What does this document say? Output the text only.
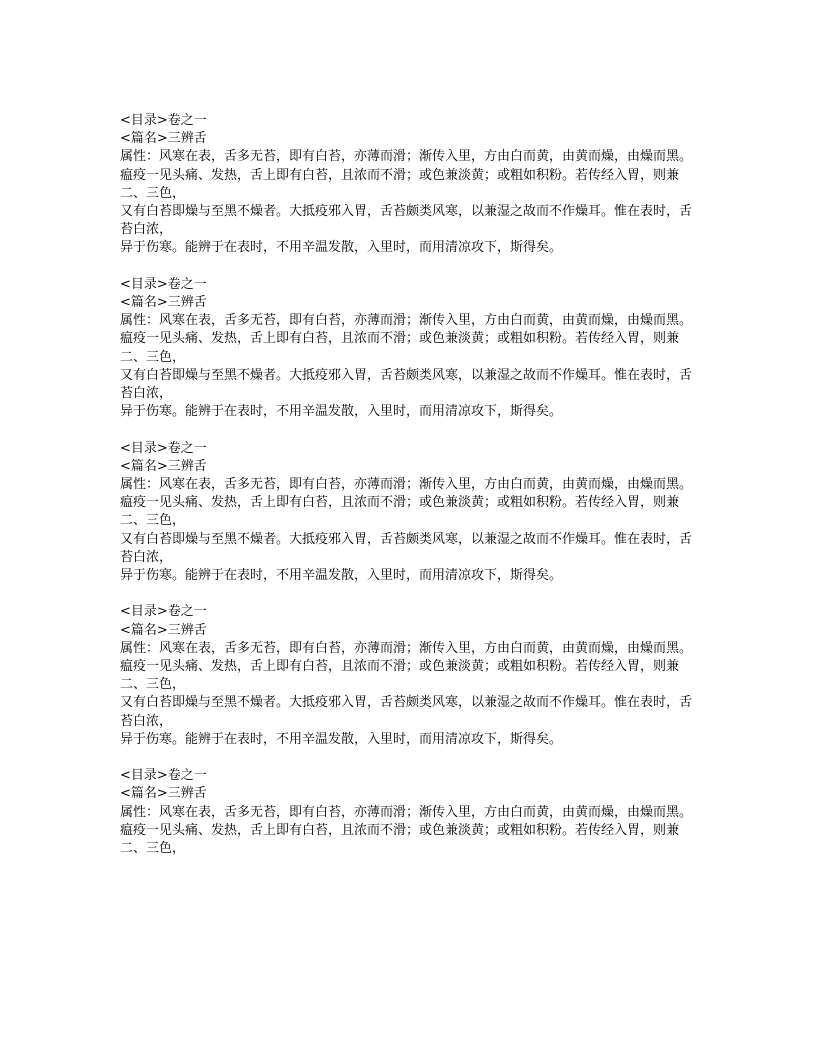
<目录>卷之一

<篇名>三辨舌

属性：风寒在表，舌多无苔，即有白苔，亦薄而滑；渐传入里，方由白而黄，由黄而燥，由燥而黑。

瘟疫一见头痛、发热，舌上即有白苔，且浓而不滑；或色兼淡黄；或粗如积粉。若传经入胃，则兼二、三色，

又有白苔即燥与至黑不燥者。大抵疫邪入胃，舌苔颇类风寒，以兼湿之故而不作燥耳。惟在表时，舌苔白浓，

异于伤寒。能辨于在表时，不用辛温发散，入里时，而用清凉攻下，斯得矣。

<目录>卷之一

<篇名>三辨舌

属性：风寒在表，舌多无苔，即有白苔，亦薄而滑；渐传入里，方由白而黄，由黄而燥，由燥而黑。

瘟疫一见头痛、发热，舌上即有白苔，且浓而不滑；或色兼淡黄；或粗如积粉。若传经入胃，则兼二、三色，

又有白苔即燥与至黑不燥者。大抵疫邪入胃，舌苔颇类风寒，以兼湿之故而不作燥耳。惟在表时，舌苔白浓，

异于伤寒。能辨于在表时，不用辛温发散，入里时，而用清凉攻下，斯得矣。

<目录>卷之一

<篇名>三辨舌

属性：风寒在表，舌多无苔，即有白苔，亦薄而滑；渐传入里，方由白而黄，由黄而燥，由燥而黑。

瘟疫一见头痛、发热，舌上即有白苔，且浓而不滑；或色兼淡黄；或粗如积粉。若传经入胃，则兼二、三色，

又有白苔即燥与至黑不燥者。大抵疫邪入胃，舌苔颇类风寒，以兼湿之故而不作燥耳。惟在表时，舌苔白浓，

异于伤寒。能辨于在表时，不用辛温发散，入里时，而用清凉攻下，斯得矣。

<目录>卷之一

<篇名>三辨舌

属性：风寒在表，舌多无苔，即有白苔，亦薄而滑；渐传入里，方由白而黄，由黄而燥，由燥而黑。

瘟疫一见头痛、发热，舌上即有白苔，且浓而不滑；或色兼淡黄；或粗如积粉。若传经入胃，则兼二、三色，

又有白苔即燥与至黑不燥者。大抵疫邪入胃，舌苔颇类风寒，以兼湿之故而不作燥耳。惟在表时，舌苔白浓，

异于伤寒。能辨于在表时，不用辛温发散，入里时，而用清凉攻下，斯得矣。

<目录>卷之一

<篇名>三辨舌

属性：风寒在表，舌多无苔，即有白苔，亦薄而滑；渐传入里，方由白而黄，由黄而燥，由燥而黑。

瘟疫一见头痛、发热，舌上即有白苔，且浓而不滑；或色兼淡黄；或粗如积粉。若传经入胃，则兼二、三色，
